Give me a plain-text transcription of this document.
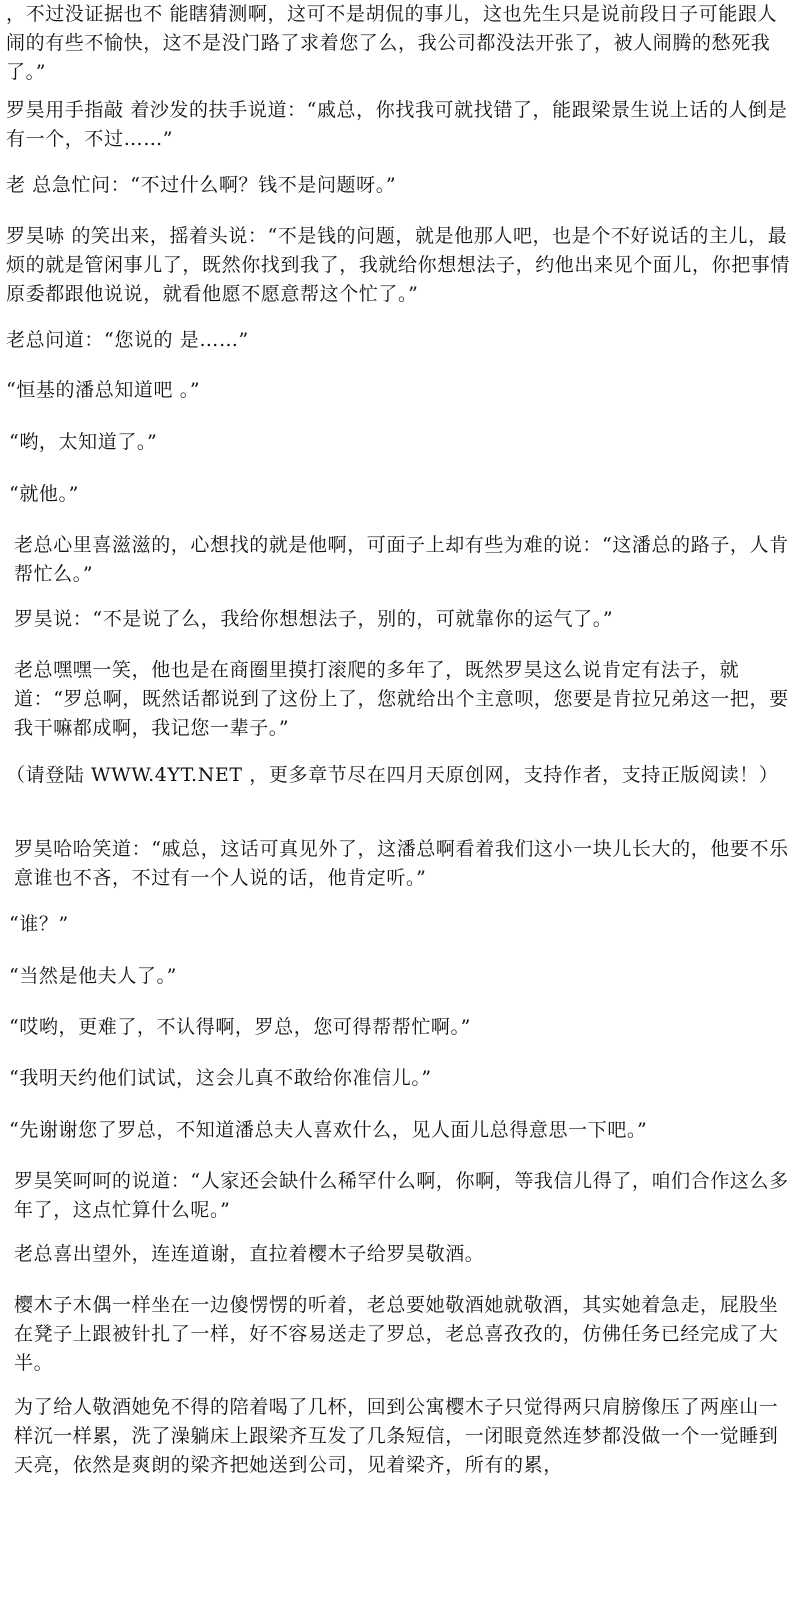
，不过没证据也不 能瞎猜测啊，这可不是胡侃的事儿，这也先生只是说前段日子可能跟人闹的有些不愉快，这不是没门路了求着您了么，我公司都没法开张了，被人闹腾的愁死我了。”

罗昊用手指敲 着沙发的扶手说道：“戚总，你找我可就找错了，能跟梁景生说上话的人倒是有一个，不过……”

老 总急忙问：“不过什么啊？钱不是问题呀。”

罗昊哧 的笑出来，摇着头说：“不是钱的问题，就是他那人吧，也是个不好说话的主儿，最烦的就是管闲事儿了，既然你找到我了，我就给你想想法子，约他出来见个面儿，你把事情原委都跟他说说，就看他愿不愿意帮这个忙了。”

老总问道：“您说的 是……”

“恒基的潘总知道吧 。”

“哟，太知道了。”

“就他。”

老总心里喜滋滋的，心想找的就是他啊，可面子上却有些为难的说：“这潘总的路子，人肯帮忙么。”

罗昊说：“不是说了么，我给你想想法子，别的，可就靠你的运气了。”

老总嘿嘿一笑，他也是在商圈里摸打滚爬的多年了，既然罗昊这么说肯定有法子，就道：“罗总啊，既然话都说到了这份上了，您就给出个主意呗，您要是肯拉兄弟这一把，要我干嘛都成啊，我记您一辈子。”

（请登陆 WWW.4YT.NET ，更多章节尽在四月天原创网，支持作者，支持正版阅读！）

罗昊哈哈笑道：“戚总，这话可真见外了，这潘总啊看着我们这小一块儿长大的，他要不乐意谁也不吝，不过有一个人说的话，他肯定听。”

“谁？”

“当然是他夫人了。”

“哎哟，更难了，不认得啊，罗总，您可得帮帮忙啊。”

“我明天约他们试试，这会儿真不敢给你准信儿。”

“先谢谢您了罗总，不知道潘总夫人喜欢什么，见人面儿总得意思一下吧。”

罗昊笑呵呵的说道：“人家还会缺什么稀罕什么啊，你啊，等我信儿得了，咱们合作这么多年了，这点忙算什么呢。”

老总喜出望外，连连道谢，直拉着樱木子给罗昊敬酒。

樱木子木偶一样坐在一边傻愣愣的听着，老总要她敬酒她就敬酒，其实她着急走，屁股坐在凳子上跟被针扎了一样，好不容易送走了罗总，老总喜孜孜的，仿佛任务已经完成了大半。

为了给人敬酒她免不得的陪着喝了几杯，回到公寓樱木子只觉得两只肩膀像压了两座山一样沉一样累，洗了澡躺床上跟梁齐互发了几条短信，一闭眼竟然连梦都没做一个一觉睡到天亮，依然是爽朗的梁齐把她送到公司，见着梁齐，所有的累，
